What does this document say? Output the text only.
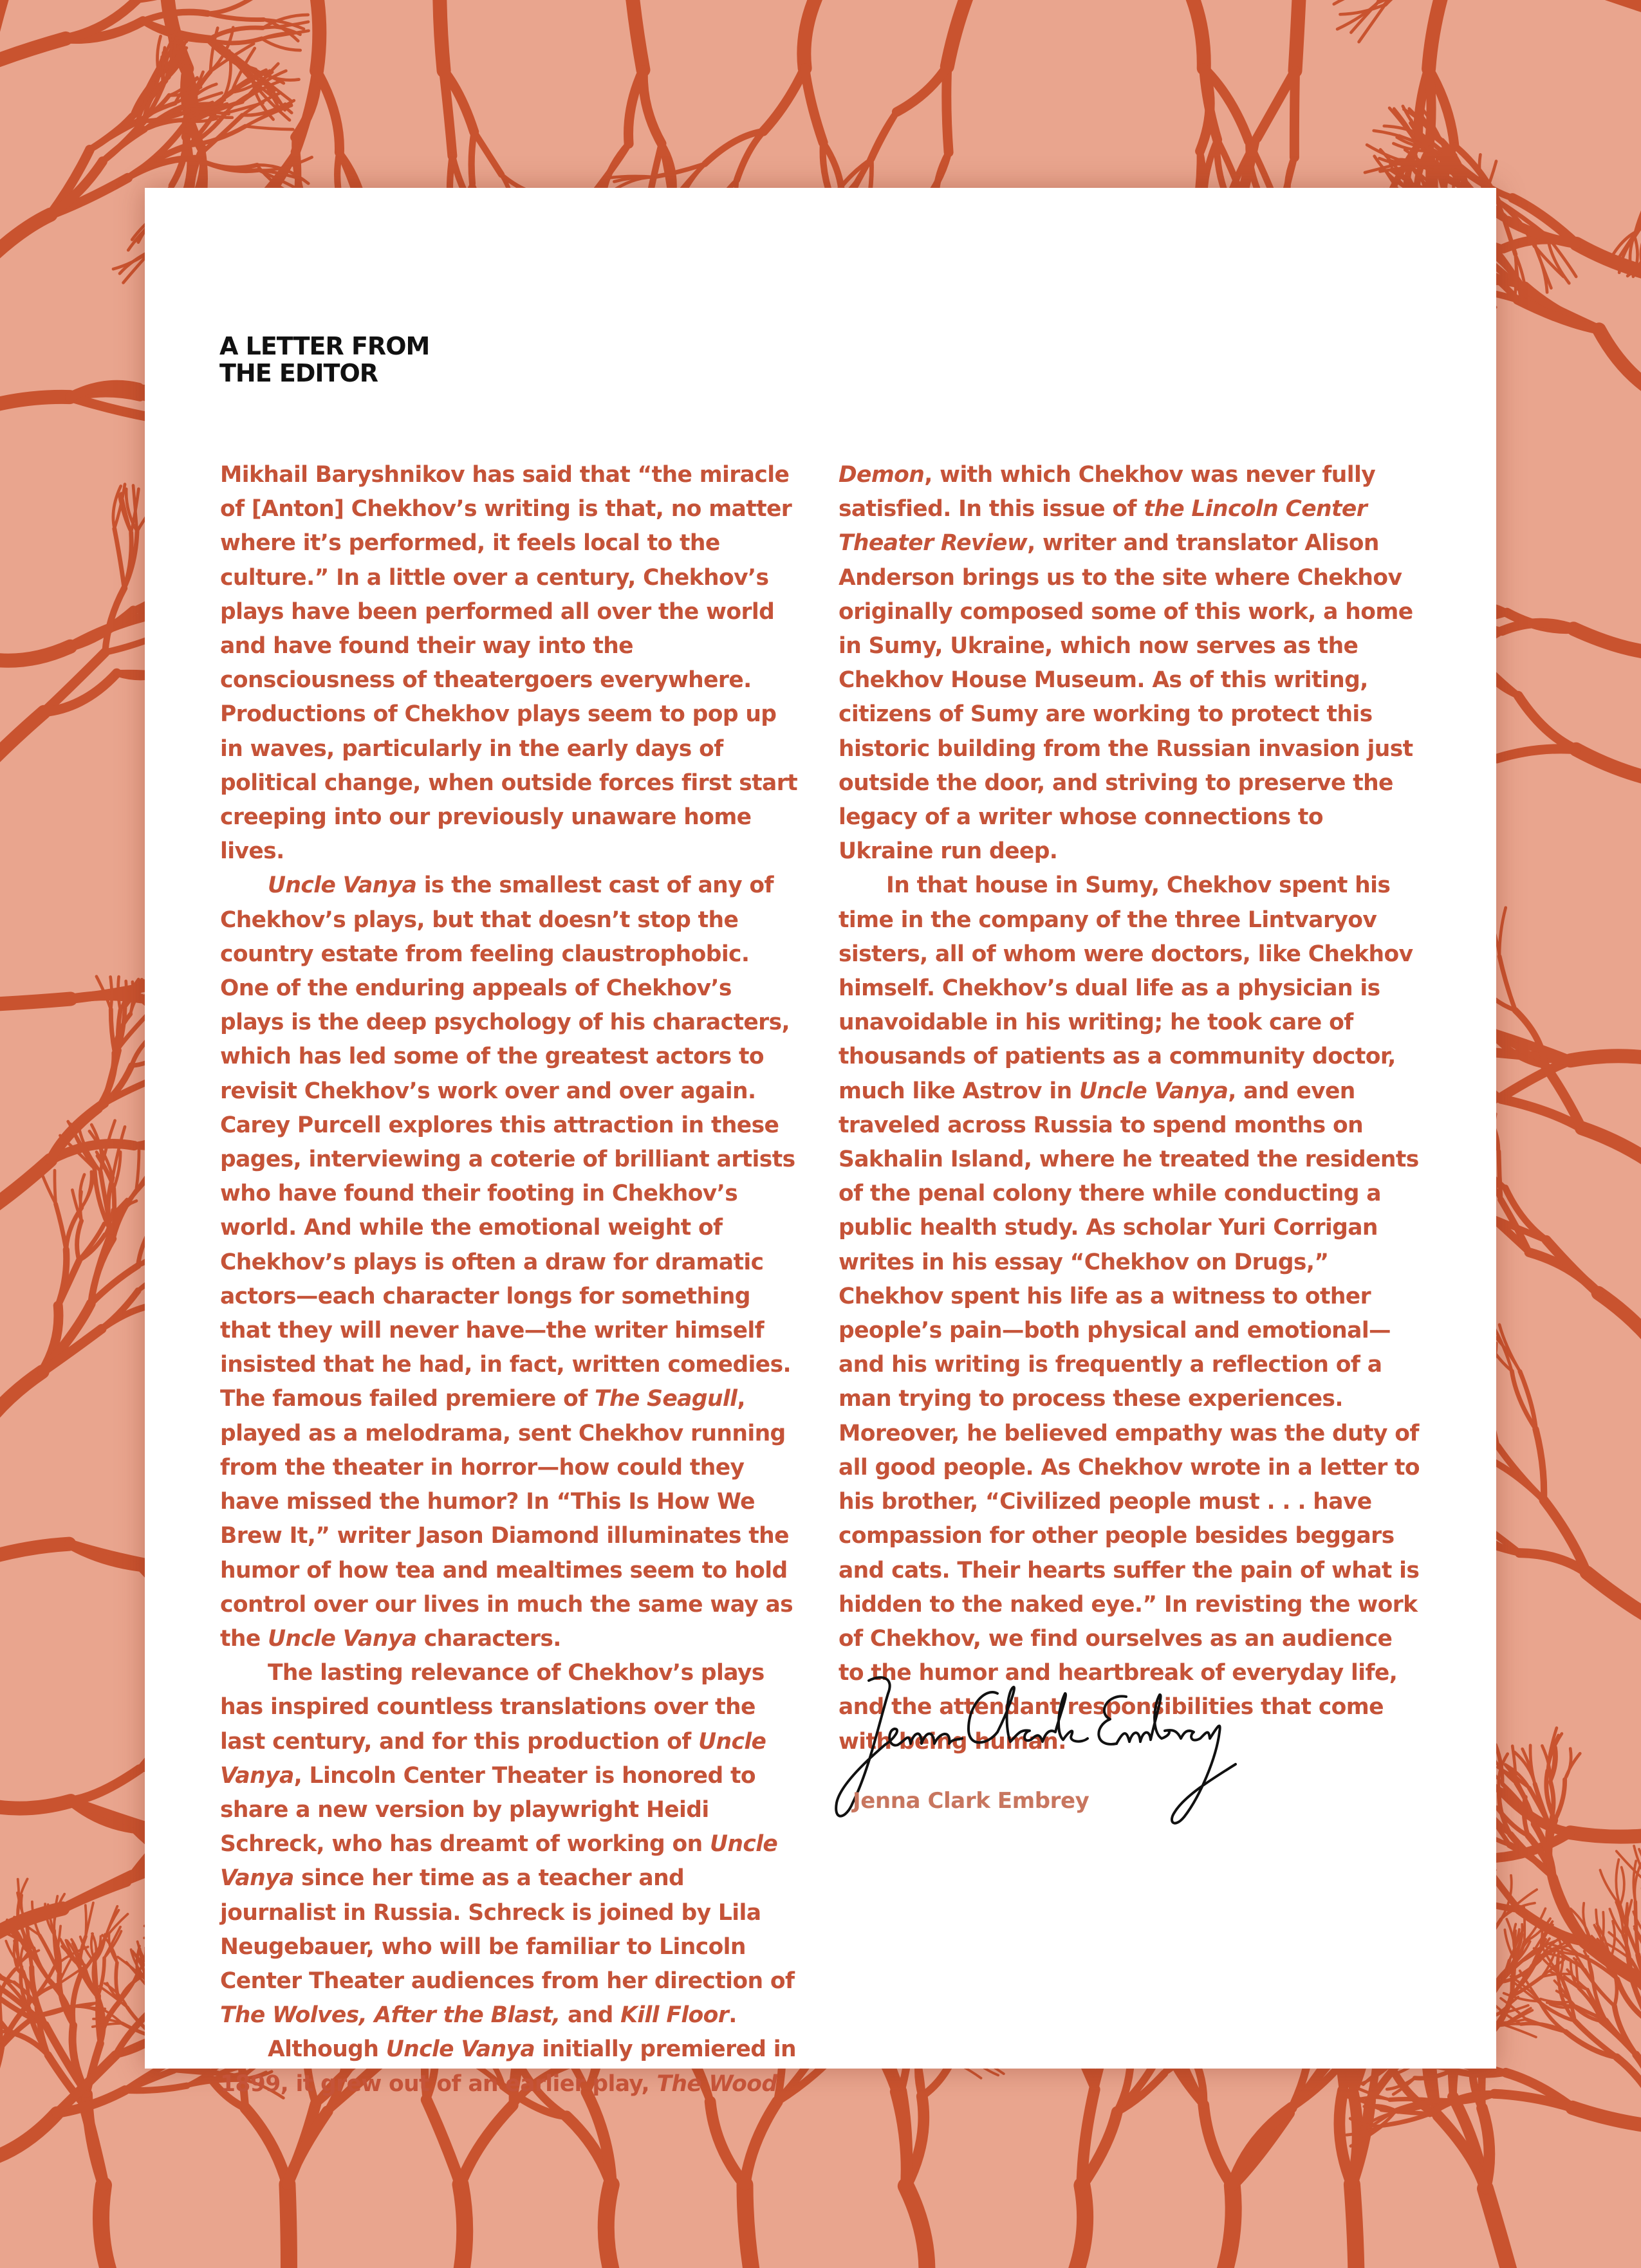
A LETTER FROM
THE EDITOR

Mikhail Baryshnikov has said that “the miracle of [Anton] Chekhov’s writing is that, no matter where it’s performed, it feels local to the culture.” In a little over a century, Chekhov’s plays have been performed all over the world and have found their way into the consciousness of theatergoers everywhere. Productions of Chekhov plays seem to pop up in waves, particularly in the early days of political change, when outside forces first start creeping into our previously unaware home lives.

Uncle Vanya is the smallest cast of any of Chekhov’s plays, but that doesn’t stop the country estate from feeling claustrophobic. One of the enduring appeals of Chekhov’s plays is the deep psychology of his characters, which has led some of the greatest actors to revisit Chekhov’s work over and over again. Carey Purcell explores this attraction in these pages, interviewing a coterie of brilliant artists who have found their footing in Chekhov’s world. And while the emotional weight of Chekhov’s plays is often a draw for dramatic actors—each character longs for something that they will never have—the writer himself insisted that he had, in fact, written comedies. The famous failed premiere of The Seagull, played as a melodrama, sent Chekhov running from the theater in horror—how could they have missed the humor? In “This Is How We Brew It,” writer Jason Diamond illuminates the humor of how tea and mealtimes seem to hold control over our lives in much the same way as the Uncle Vanya characters.

The lasting relevance of Chekhov’s plays has inspired countless translations over the last century, and for this production of Uncle Vanya, Lincoln Center Theater is honored to share a new version by playwright Heidi Schreck, who has dreamt of working on Uncle Vanya since her time as a teacher and journalist in Russia. Schreck is joined by Lila Neugebauer, who will be familiar to Lincoln Center Theater audiences from her direction of The Wolves, After the Blast, and Kill Floor.

Although Uncle Vanya initially premiered in 1899, it grew out of an earlier play, The Wood

Demon, with which Chekhov was never fully satisfied. In this issue of the Lincoln Center Theater Review, writer and translator Alison Anderson brings us to the site where Chekhov originally composed some of this work, a home in Sumy, Ukraine, which now serves as the Chekhov House Museum. As of this writing, citizens of Sumy are working to protect this historic building from the Russian invasion just outside the door, and striving to preserve the legacy of a writer whose connections to Ukraine run deep.

In that house in Sumy, Chekhov spent his time in the company of the three Lintvaryov sisters, all of whom were doctors, like Chekhov himself. Chekhov’s dual life as a physician is unavoidable in his writing; he took care of thousands of patients as a community doctor, much like Astrov in Uncle Vanya, and even traveled across Russia to spend months on Sakhalin Island, where he treated the residents of the penal colony there while conducting a public health study. As scholar Yuri Corrigan writes in his essay “Chekhov on Drugs,” Chekhov spent his life as a witness to other people’s pain—both physical and emotional—and his writing is frequently a reflection of a man trying to process these experiences. Moreover, he believed empathy was the duty of all good people. As Chekhov wrote in a letter to his brother, “Civilized people must . . . have compassion for other people besides beggars and cats. Their hearts suffer the pain of what is hidden to the naked eye.” In revisting the work of Chekhov, we find ourselves as an audience to the humor and heartbreak of everyday life, and the attendant responsibilities that come with being human.

Jenna Clark Embrey
